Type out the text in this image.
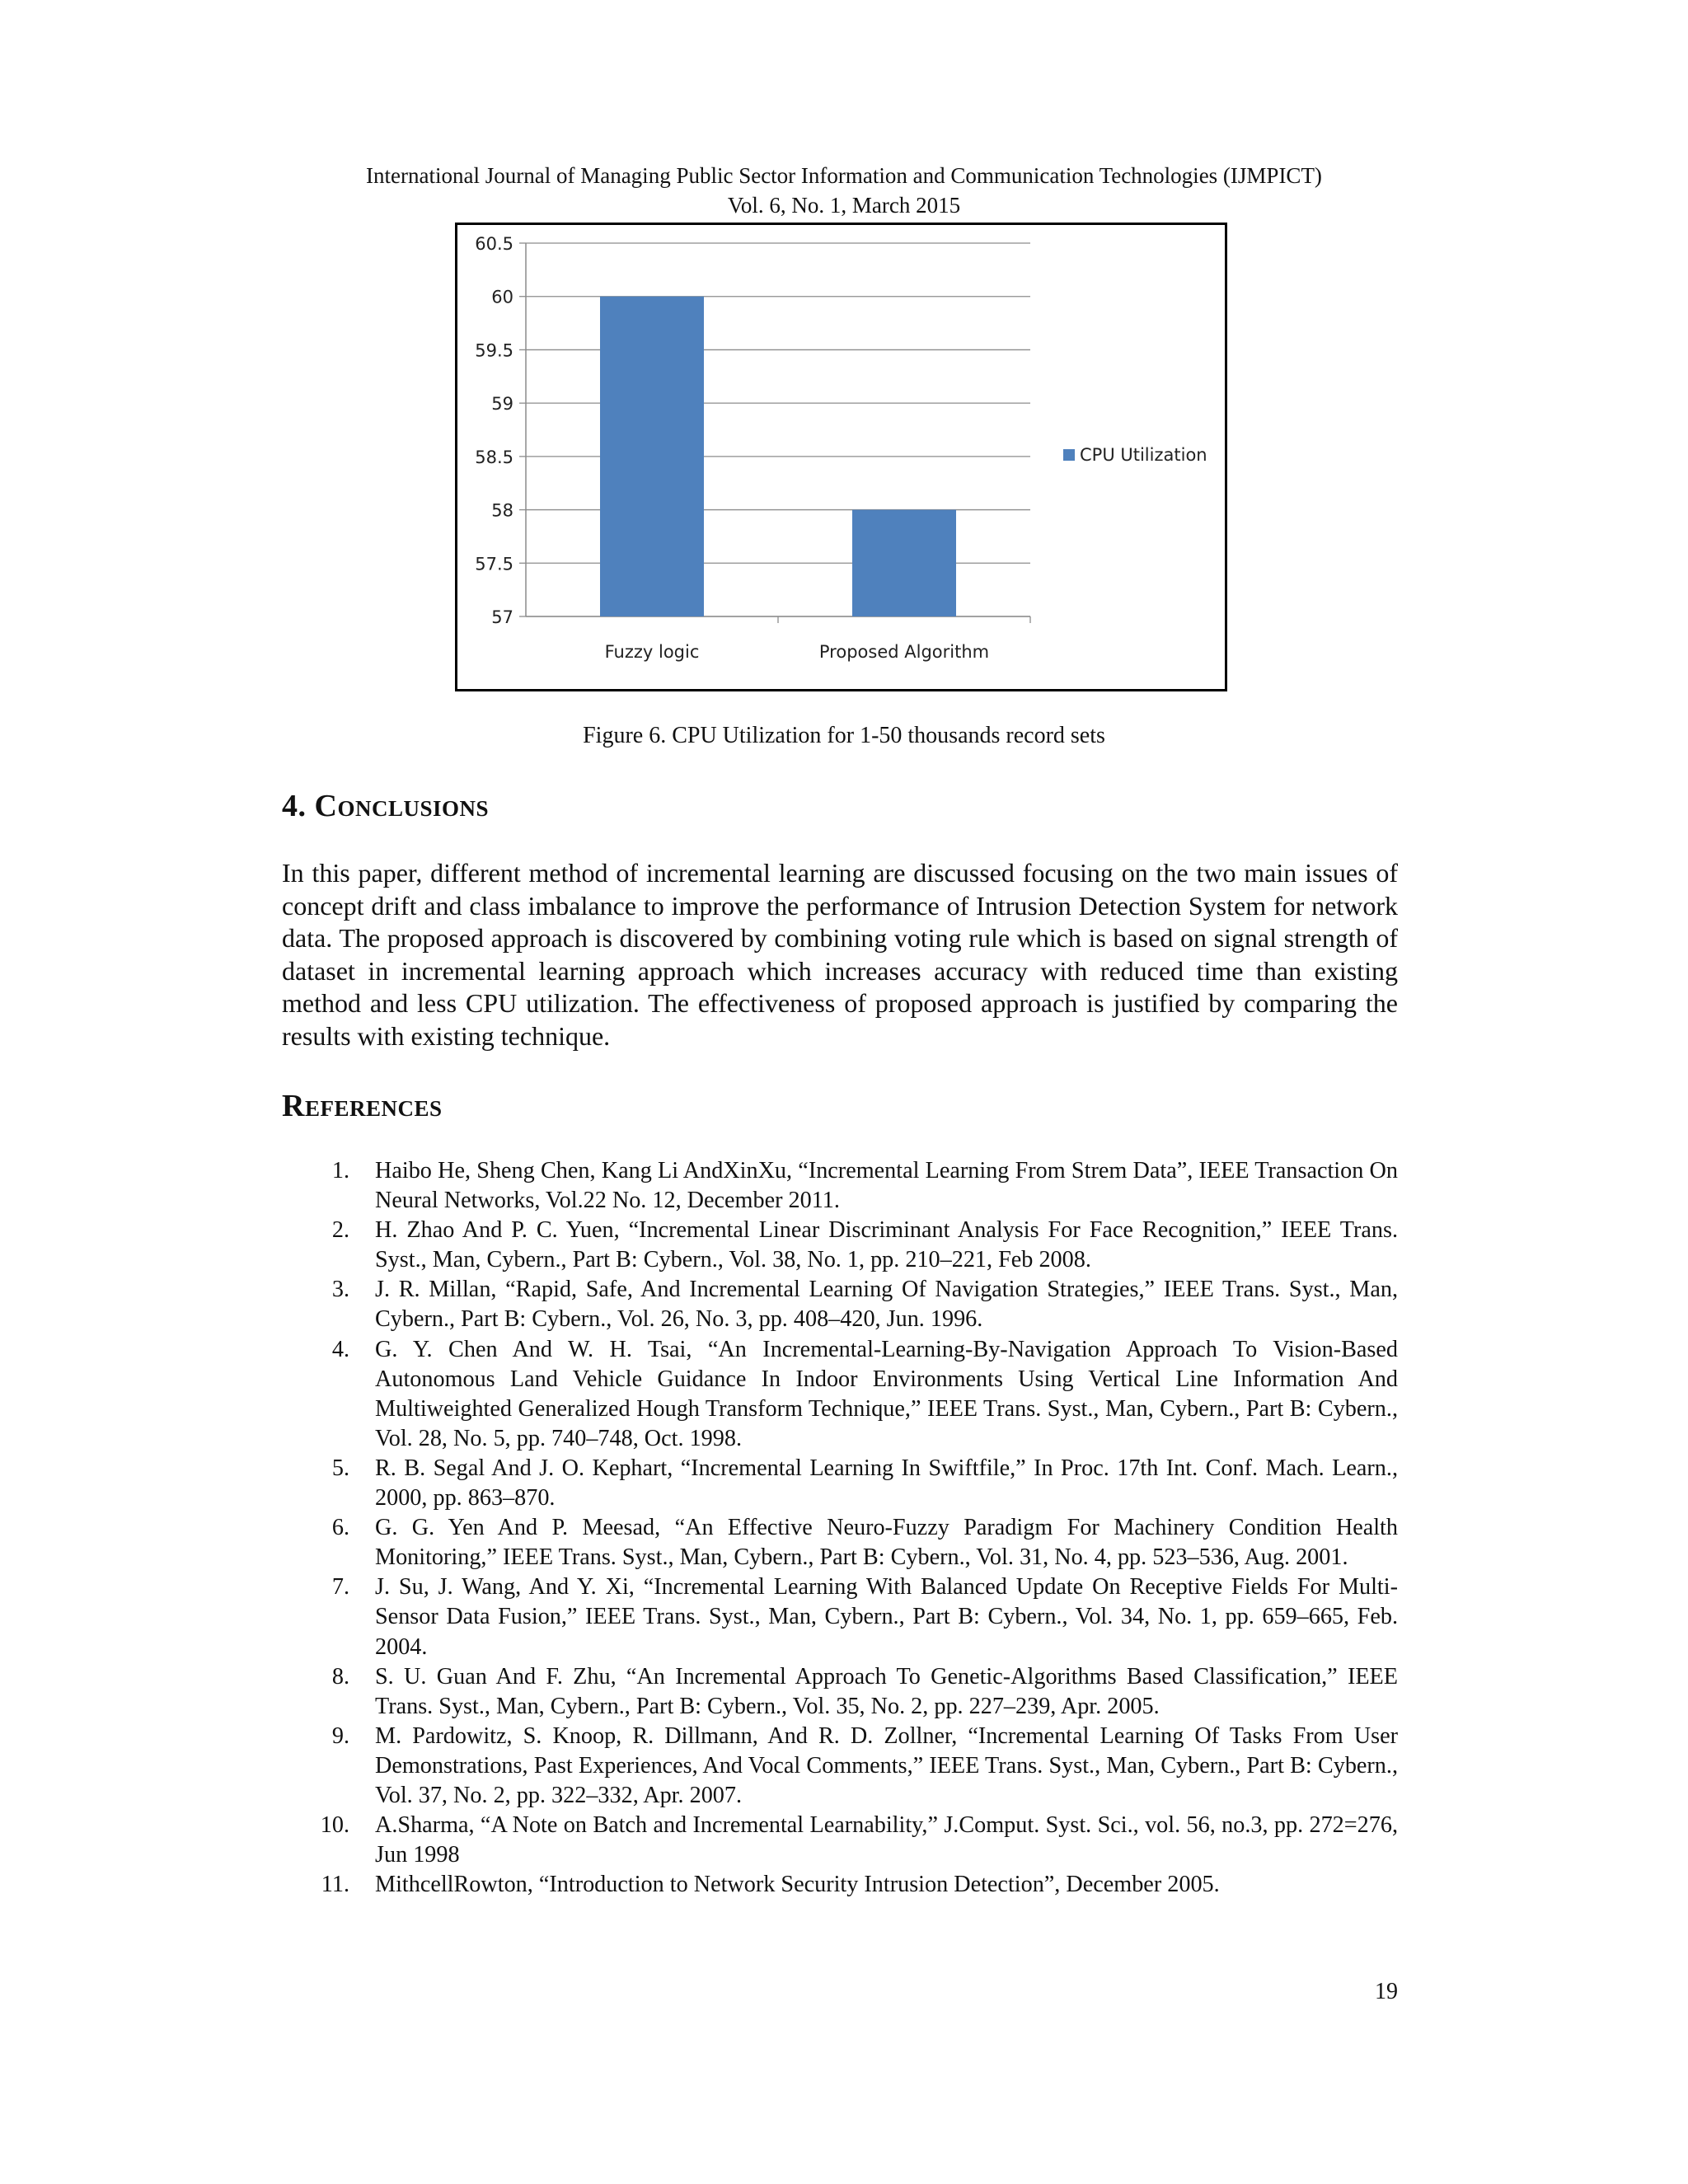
International Journal of Managing Public Sector Information and Communication Technologies (IJMPICT)
Vol. 6, No. 1, March 2015
57
57.5
58
58.5
59
59.5
60
60.5
Fuzzy logic	Proposed Algorithm
CPU Utilization
Figure 6. CPU Utilization for 1-50 thousands record sets
4. Conclusions
In this paper, different method of incremental learning are discussed focusing on the two main issues of concept drift and class imbalance to improve the performance of Intrusion Detection System for network data. The proposed approach is discovered by combining voting rule which is based on signal strength of dataset in incremental learning approach which increases accuracy with reduced time than existing method and less CPU utilization. The effectiveness of proposed approach is justified by comparing the results with existing technique.
References
1. Haibo He, Sheng Chen, Kang Li AndXinXu, “Incremental Learning From Strem Data”, IEEE Transaction On Neural Networks, Vol.22 No. 12, December 2011.
2. H. Zhao And P. C. Yuen, “Incremental Linear Discriminant Analysis For Face Recognition,” IEEE Trans. Syst., Man, Cybern., Part B: Cybern., Vol. 38, No. 1, pp. 210–221, Feb 2008.
3. J. R. Millan, “Rapid, Safe, And Incremental Learning Of Navigation Strategies,” IEEE Trans. Syst., Man, Cybern., Part B: Cybern., Vol. 26, No. 3, pp. 408–420, Jun. 1996.
4. G. Y. Chen And W. H. Tsai, “An Incremental-Learning-By-Navigation Approach To Vision-Based Autonomous Land Vehicle Guidance In Indoor Environments Using Vertical Line Information And Multiweighted Generalized Hough Transform Technique,” IEEE Trans. Syst., Man, Cybern., Part B: Cybern., Vol. 28, No. 5, pp. 740–748, Oct. 1998.
5. R. B. Segal And J. O. Kephart, “Incremental Learning In Swiftfile,” In Proc. 17th Int. Conf. Mach. Learn., 2000, pp. 863–870.
6. G. G. Yen And P. Meesad, “An Effective Neuro-Fuzzy Paradigm For Machinery Condition Health Monitoring,” IEEE Trans. Syst., Man, Cybern., Part B: Cybern., Vol. 31, No. 4, pp. 523–536, Aug. 2001.
7. J. Su, J. Wang, And Y. Xi, “Incremental Learning With Balanced Update On Receptive Fields For Multi-Sensor Data Fusion,” IEEE Trans. Syst., Man, Cybern., Part B: Cybern., Vol. 34, No. 1, pp. 659–665, Feb. 2004.
8. S. U. Guan And F. Zhu, “An Incremental Approach To Genetic-Algorithms Based Classification,” IEEE Trans. Syst., Man, Cybern., Part B: Cybern., Vol. 35, No. 2, pp. 227–239, Apr. 2005.
9. M. Pardowitz, S. Knoop, R. Dillmann, And R. D. Zollner, “Incremental Learning Of Tasks From User Demonstrations, Past Experiences, And Vocal Comments,” IEEE Trans. Syst., Man, Cybern., Part B: Cybern., Vol. 37, No. 2, pp. 322–332, Apr. 2007.
10. A.Sharma, “A Note on Batch and Incremental Learnability,” J.Comput. Syst. Sci., vol. 56, no.3, pp. 272=276, Jun 1998
11. MithcellRowton, “Introduction to Network Security Intrusion Detection”, December 2005.
19
